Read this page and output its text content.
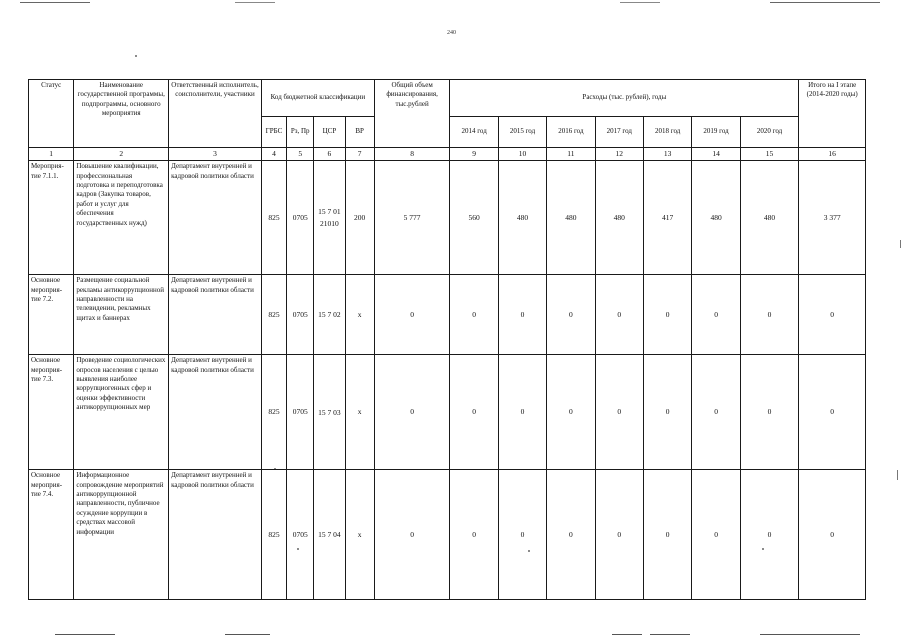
240
Статус	Наименование государственной программы, подпрограммы, основного мероприятия	Ответственный исполнитель, соисполнители, участники	Код бюджетной классификации				Общий объем финансирования, тыс.рублей	Расходы (тыс. рублей), годы							Итого на I этапе (2014-2020 годы)
			ГРБС	Рз, Пр	ЦСР	ВР		2014 год	2015 год	2016 год	2017 год	2018 год	2019 год	2020 год	
1	2	3	4	5	6	7	8	9	10	11	12	13	14	15	16
Мероприя-тие 7.1.1.	Повышение квалификации, профессиональная подготовка и переподготовка кадров (Закупка товаров, работ и услуг для обеспечения государственных нужд)	Департамент внутренней и кадровой политики области	825	0705	15 7 01 21010	200	5 777	560	480	480	480	417	480	480	3 377
Основное мероприя-тие 7.2.	Размещение социальной рекламы антикоррупционной направленности на телевидении, рекламных щитах и баннерах	Департамент внутренней и кадровой политики области	825	0705	15 7 02	х	0	0	0	0	0	0	0	0	0
Основное мероприя-тие 7.3.	Проведение социологических опросов населения с целью выявления наиболее коррупциогенных сфер и оценки эффективности антикоррупционных мер	Департамент внутренней и кадровой политики области	825	0705	15 7 03	х	0	0	0	0	0	0	0	0	0
Основное мероприя-тие 7.4.	Информационное сопровождение мероприятий антикоррупционной направленности, публичное осуждение коррупции в средствах массовой информации	Департамент внутренней и кадровой политики области	825	0705	15 7 04	х	0	0	0	0	0	0	0	0	0
